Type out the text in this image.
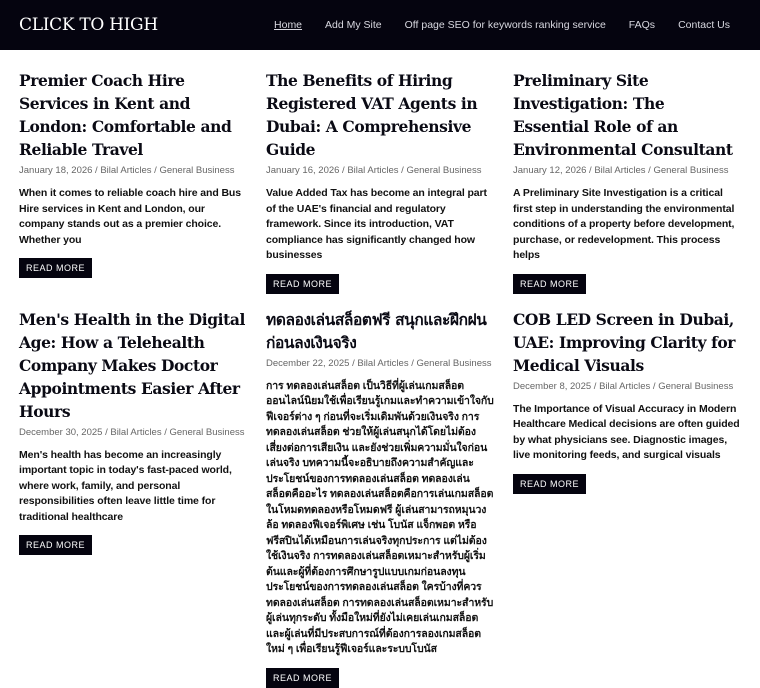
CLICK TO HIGH	Home Add My Site Off page SEO for keywords ranking service FAQs Contact Us
Premier Coach Hire Services in Kent and London: Comfortable and Reliable Travel
January 18, 2026 / Bilal Articles / General Business
When it comes to reliable coach hire and Bus Hire services in Kent and London, our company stands out as a premier choice. Whether you
READ MORE
The Benefits of Hiring Registered VAT Agents in Dubai: A Comprehensive Guide
January 16, 2026 / Bilal Articles / General Business
Value Added Tax has become an integral part of the UAE's financial and regulatory framework. Since its introduction, VAT compliance has significantly changed how businesses
READ MORE
Preliminary Site Investigation: The Essential Role of an Environmental Consultant
January 12, 2026 / Bilal Articles / General Business
A Preliminary Site Investigation is a critical first step in understanding the environmental conditions of a property before development, purchase, or redevelopment. This process helps
READ MORE
Men's Health in the Digital Age: How a Telehealth Company Makes Doctor Appointments Easier After Hours
December 30, 2025 / Bilal Articles / General Business
Men's health has become an increasingly important topic in today's fast-paced world, where work, family, and personal responsibilities often leave little time for traditional healthcare
READ MORE
ทดลองเล่นสล็อตฟรี สนุกและฝึกฝนก่อนลงเงินจริง
December 22, 2025 / Bilal Articles / General Business
การ ทดลองเล่นสล็อต เป็นวิธีที่ผู้เล่นเกมสล็อตออนไลน์นิยมใช้เพื่อเรียนรู้เกมและทำความเข้าใจกับฟีเจอร์ต่าง ๆ ก่อนที่จะเริ่มเดิมพันด้วยเงินจริง การทดลองเล่นสล็อต ช่วยให้ผู้เล่นสนุกได้โดยไม่ต้องเสี่ยงต่อการเสียเงิน และยังช่วยเพิ่มความมั่นใจก่อนเล่นจริง บทความนี้จะอธิบายถึงความสำคัญและประโยชน์ของการทดลองเล่นสล็อต ทดลองเล่นสล็อตคืออะไร ทดลองเล่นสล็อตคือการเล่นเกมสล็อตในโหมดทดลองหรือโหมดฟรี ผู้เล่นสามารถหมุนวงล้อ ทดลองฟีเจอร์พิเศษ เช่น โบนัส แจ็กพอต หรือฟรีสปินได้เหมือนการเล่นจริงทุกประการ แต่ไม่ต้องใช้เงินจริง การทดลองเล่นสล็อตเหมาะสำหรับผู้เริ่มต้นและผู้ที่ต้องการศึกษารูปแบบเกมก่อนลงทุน ประโยชน์ของการทดลองเล่นสล็อต ใครบ้างที่ควรทดลองเล่นสล็อต การทดลองเล่นสล็อตเหมาะสำหรับผู้เล่นทุกระดับ ทั้งมือใหม่ที่ยังไม่เคยเล่นเกมสล็อต และผู้เล่นที่มีประสบการณ์ที่ต้องการลองเกมสล็อตใหม่ ๆ เพื่อเรียนรู้ฟีเจอร์และระบบโบนัส
READ MORE
COB LED Screen in Dubai, UAE: Improving Clarity for Medical Visuals
December 8, 2025 / Bilal Articles / General Business
The Importance of Visual Accuracy in Modern Healthcare Medical decisions are often guided by what physicians see. Diagnostic images, live monitoring feeds, and surgical visuals
READ MORE
